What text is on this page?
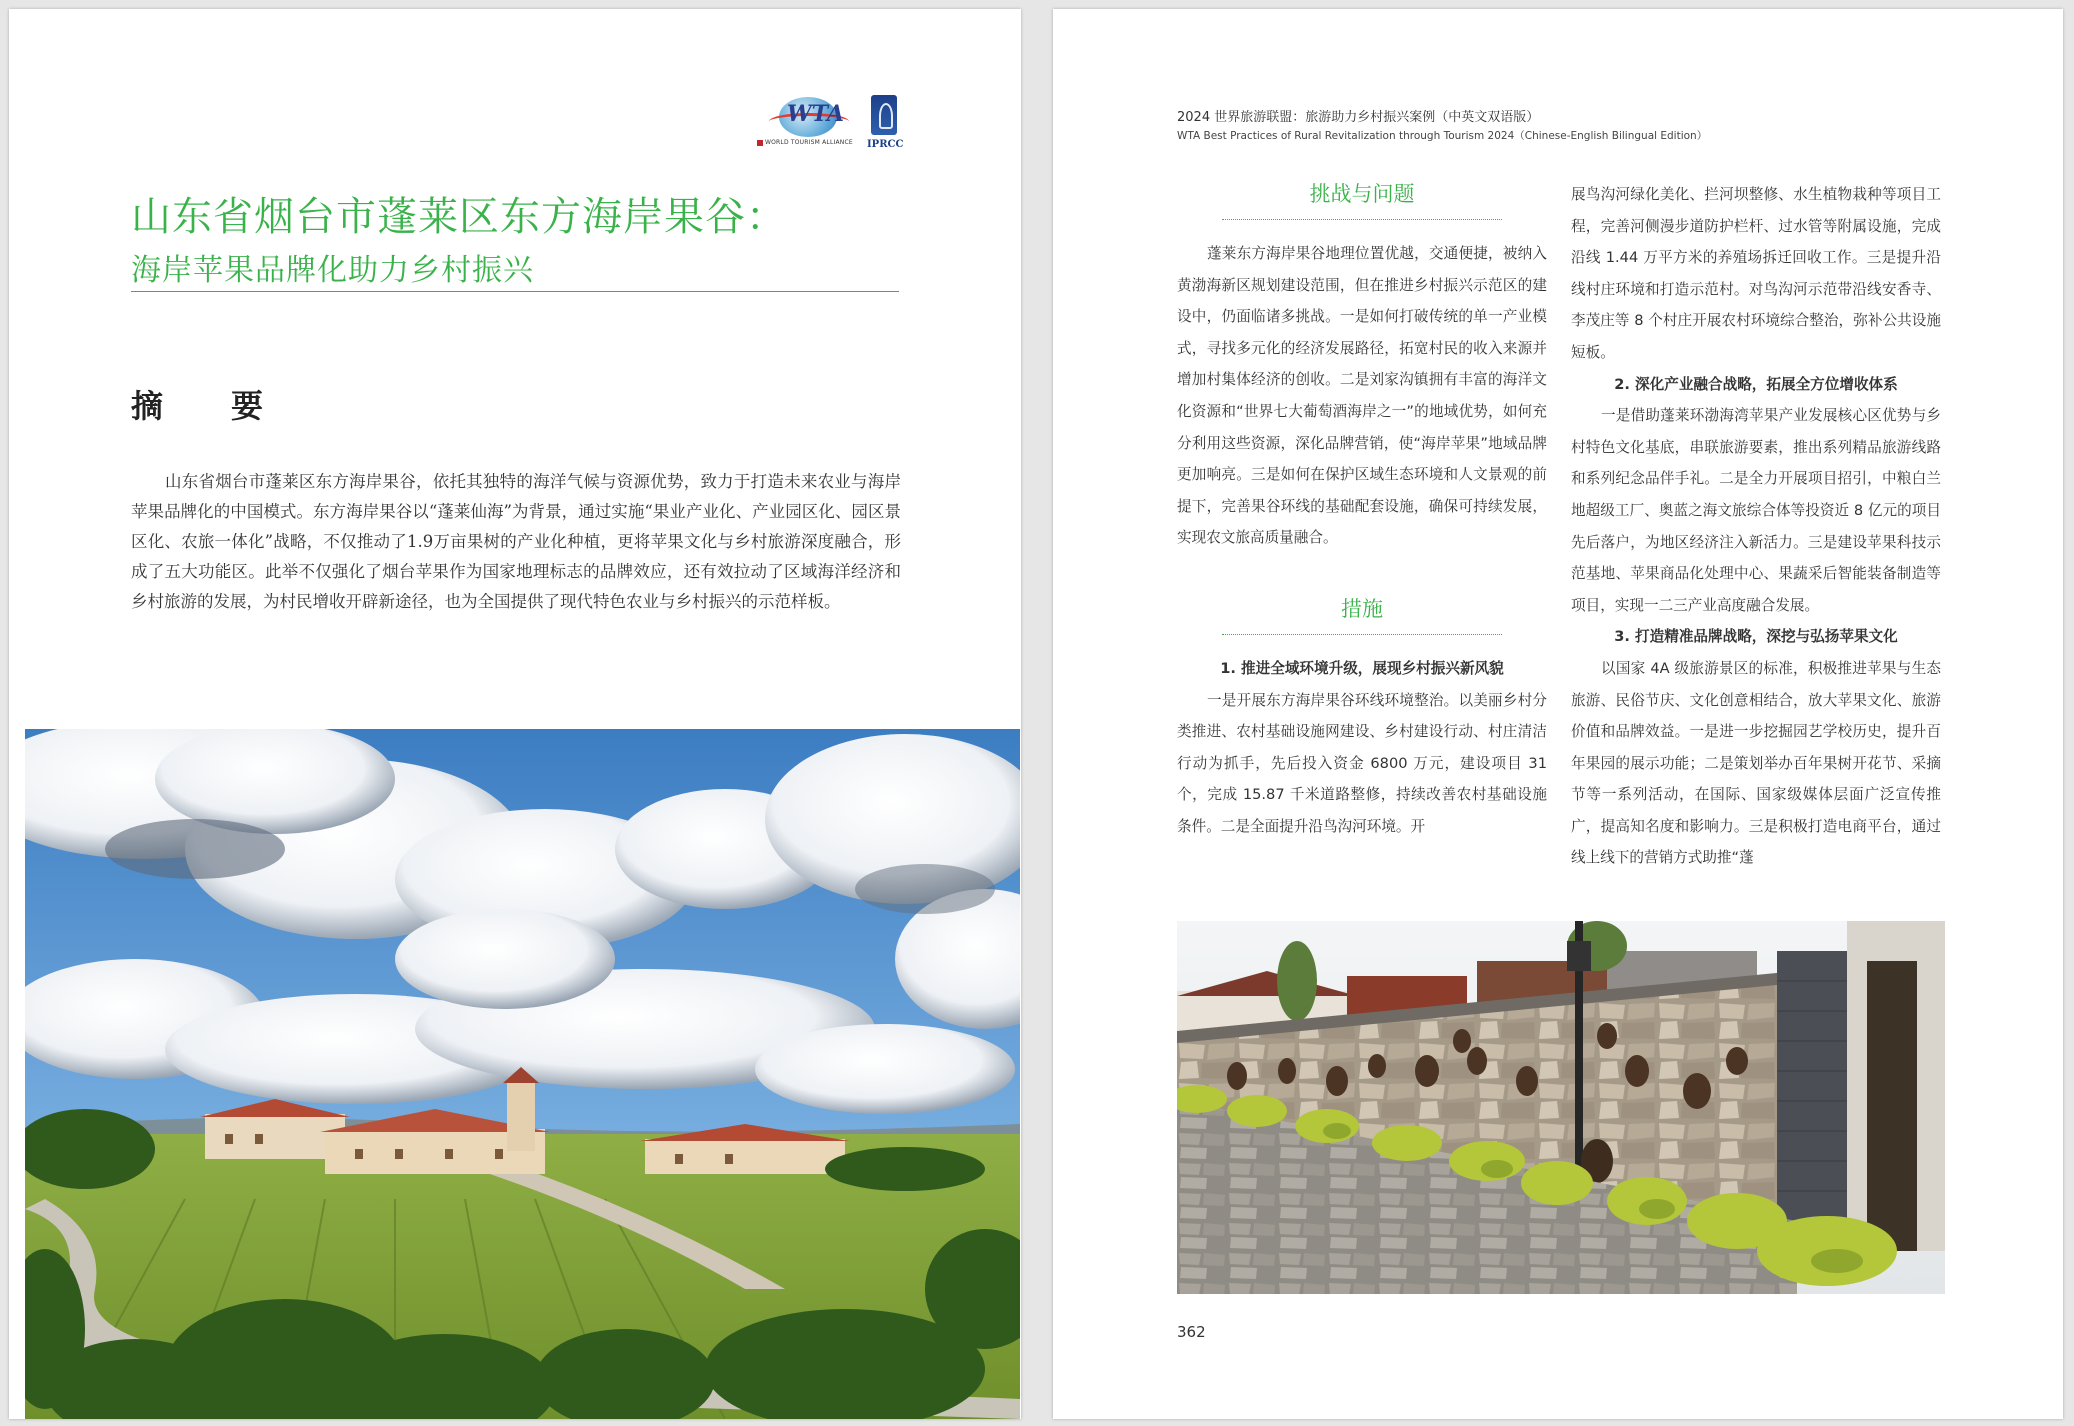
WTA
WORLD TOURISM ALLIANCE	IPRCC
山东省烟台市蓬莱区东方海岸果谷：
海岸苹果品牌化助力乡村振兴
摘　要

山东省烟台市蓬莱区东方海岸果谷，依托其独特的海洋气候与资源优势，致力于打造未来农业与海岸苹果品牌化的中国模式。东方海岸果谷以“蓬莱仙海”为背景，通过实施“果业产业化、产业园区化、园区景区化、农旅一体化”战略，不仅推动了1.9万亩果树的产业化种植，更将苹果文化与乡村旅游深度融合，形成了五大功能区。此举不仅强化了烟台苹果作为国家地理标志的品牌效应，还有效拉动了区域海洋经济和乡村旅游的发展，为村民增收开辟新途径，也为全国提供了现代特色农业与乡村振兴的示范样板。

2024 世界旅游联盟：旅游助力乡村振兴案例（中英文双语版）
WTA Best Practices of Rural Revitalization through Tourism 2024（Chinese-English Bilingual Edition）
挑战与问题

蓬莱东方海岸果谷地理位置优越，交通便捷，被纳入黄渤海新区规划建设范围，但在推进乡村振兴示范区的建设中，仍面临诸多挑战。一是如何打破传统的单一产业模式，寻找多元化的经济发展路径，拓宽村民的收入来源并增加村集体经济的创收。二是刘家沟镇拥有丰富的海洋文化资源和“世界七大葡萄酒海岸之一”的地域优势，如何充分利用这些资源，深化品牌营销，使“海岸苹果”地域品牌更加响亮。三是如何在保护区域生态环境和人文景观的前提下，完善果谷环线的基础配套设施，确保可持续发展，实现农文旅高质量融合。

措施
1. 推进全域环境升级，展现乡村振兴新风貌

一是开展东方海岸果谷环线环境整治。以美丽乡村分类推进、农村基础设施网建设、乡村建设行动、村庄清洁行动为抓手，先后投入资金 6800 万元，建设项目 31 个，完成 15.87 千米道路整修，持续改善农村基础设施条件。二是全面提升沿鸟沟河环境。开

展鸟沟河绿化美化、拦河坝整修、水生植物栽种等项目工程，完善河侧漫步道防护栏杆、过水管等附属设施，完成沿线 1.44 万平方米的养殖场拆迁回收工作。三是提升沿线村庄环境和打造示范村。对鸟沟河示范带沿线安香寺、李茂庄等 8 个村庄开展农村环境综合整治，弥补公共设施短板。

2. 深化产业融合战略，拓展全方位增收体系

一是借助蓬莱环渤海湾苹果产业发展核心区优势与乡村特色文化基底，串联旅游要素，推出系列精品旅游线路和系列纪念品伴手礼。二是全力开展项目招引，中粮白兰地超级工厂、奥蓝之海文旅综合体等投资近 8 亿元的项目先后落户，为地区经济注入新活力。三是建设苹果科技示范基地、苹果商品化处理中心、果蔬采后智能装备制造等项目，实现一二三产业高度融合发展。

3. 打造精准品牌战略，深挖与弘扬苹果文化

以国家 4A 级旅游景区的标准，积极推进苹果与生态旅游、民俗节庆、文化创意相结合，放大苹果文化、旅游价值和品牌效益。一是进一步挖掘园艺学校历史，提升百年果园的展示功能；二是策划举办百年果树开花节、采摘节等一系列活动，在国际、国家级媒体层面广泛宣传推广，提高知名度和影响力。三是积极打造电商平台，通过线上线下的营销方式助推“蓬

362
